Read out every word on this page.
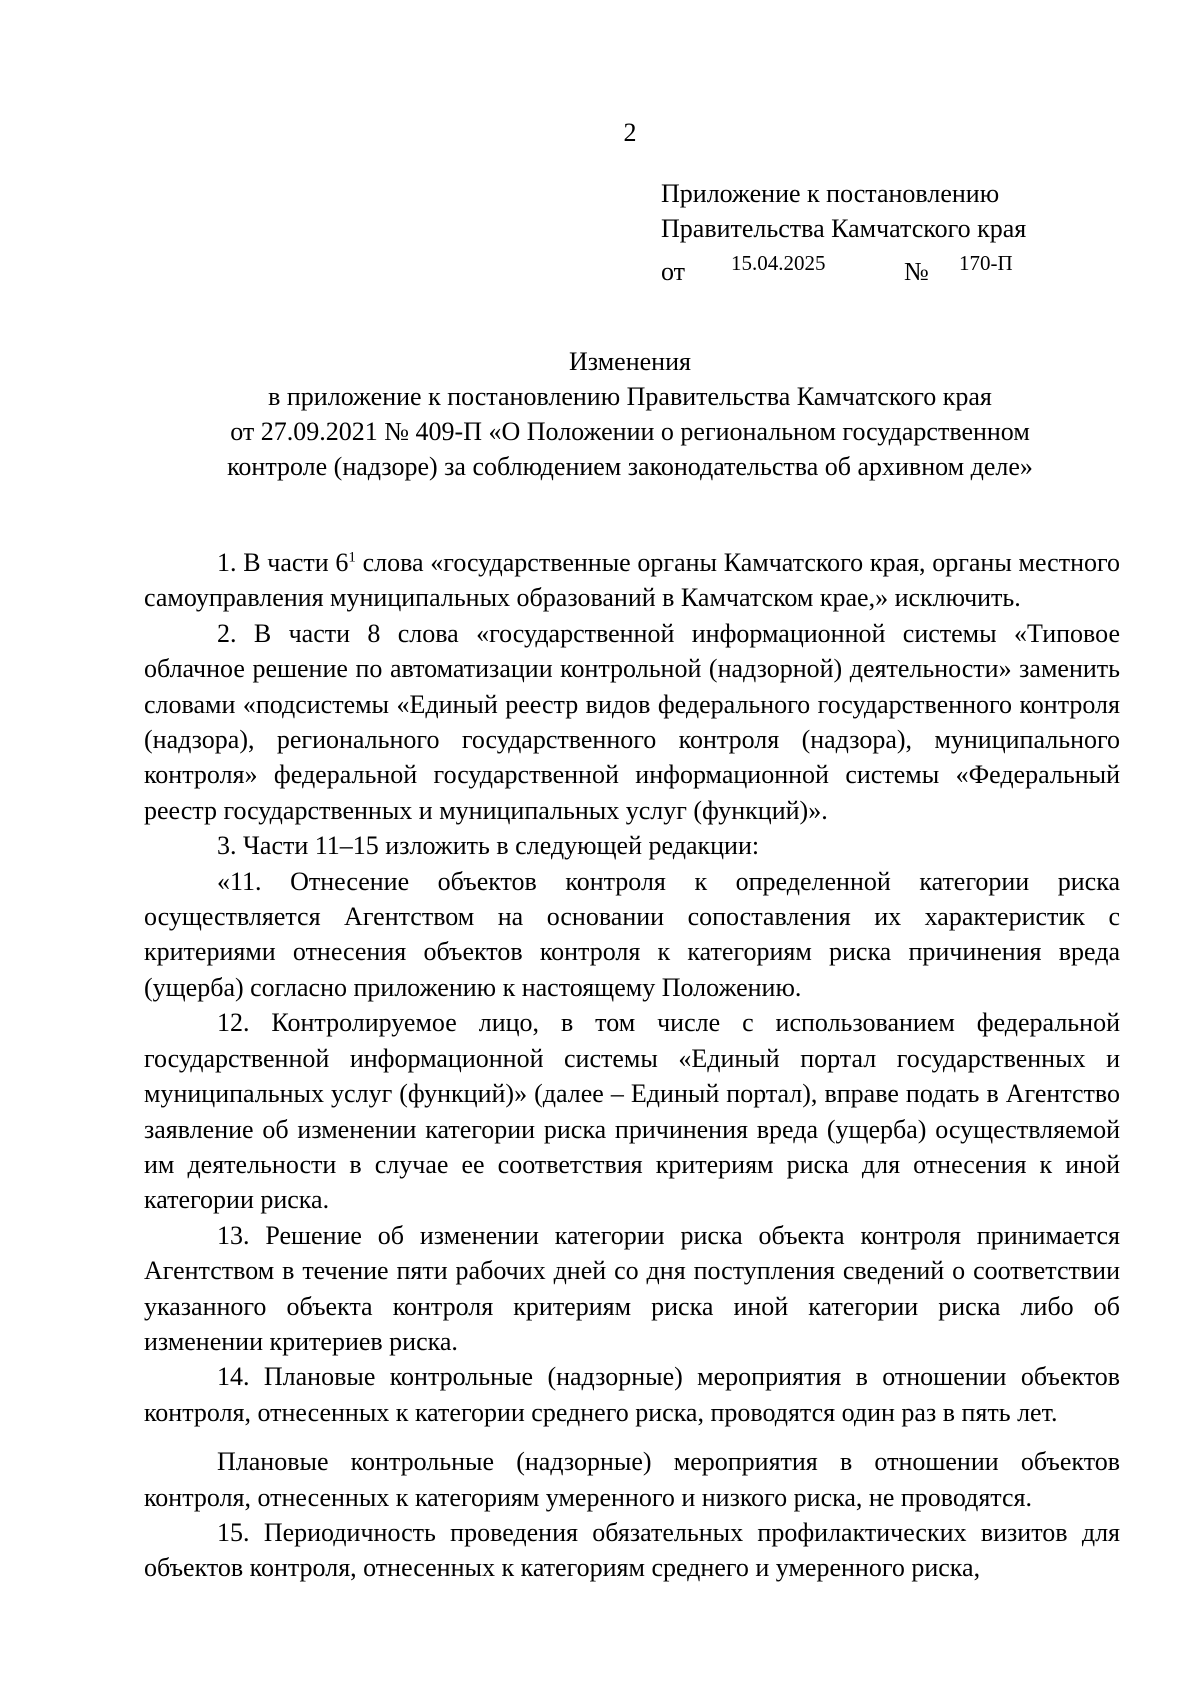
2
Приложение к постановлению
Правительства Камчатского края
от 15.04.2025	№ 170-П
Изменения
в приложение к постановлению Правительства Камчатского края
от 27.09.2021 № 409-П «О Положении о региональном государственном
контроле (надзоре) за соблюдением законодательства об архивном деле»

1. В части $6^1$ слова «государственные органы Камчатского края, органы местного самоуправления муниципальных образований в Камчатском крае,» исключить.

2. В части 8 слова «государственной информационной системы «Типовое облачное решение по автоматизации контрольной (надзорной) деятельности» заменить словами «подсистемы «Единый реестр видов федерального государственного контроля (надзора), регионального государственного контроля (надзора), муниципального контроля» федеральной государственной информационной системы «Федеральный реестр государственных и муниципальных услуг (функций)».

3. Части 11–15 изложить в следующей редакции:

«11. Отнесение объектов контроля к определенной категории риска осуществляется Агентством на основании сопоставления их характеристик с критериями отнесения объектов контроля к категориям риска причинения вреда (ущерба) согласно приложению к настоящему Положению.

12. Контролируемое лицо, в том числе с использованием федеральной государственной информационной системы «Единый портал государственных и муниципальных услуг (функций)» (далее – Единый портал), вправе подать в Агентство заявление об изменении категории риска причинения вреда (ущерба) осуществляемой им деятельности в случае ее соответствия критериям риска для отнесения к иной категории риска.

13. Решение об изменении категории риска объекта контроля принимается Агентством в течение пяти рабочих дней со дня поступления сведений о соответствии указанного объекта контроля критериям риска иной категории риска либо об изменении критериев риска.

14. Плановые контрольные (надзорные) мероприятия в отношении объектов контроля, отнесенных к категории среднего риска, проводятся один раз в пять лет.

Плановые контрольные (надзорные) мероприятия в отношении объектов контроля, отнесенных к категориям умеренного и низкого риска, не проводятся.

15. Периодичность проведения обязательных профилактических визитов для объектов контроля, отнесенных к категориям среднего и умеренного риска,
